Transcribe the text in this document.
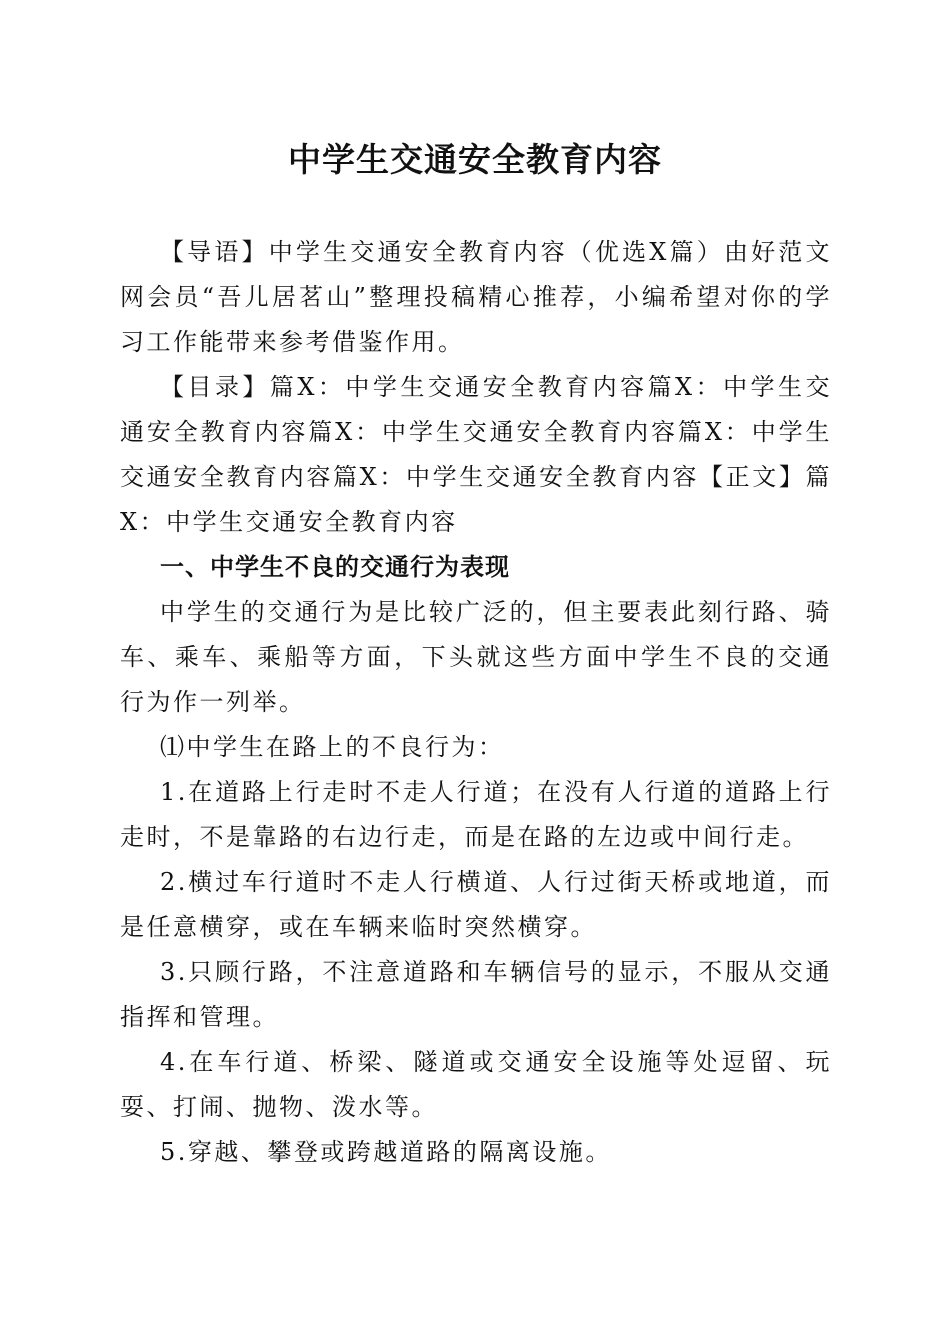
中学生交通安全教育内容

【导语】中学生交通安全教育内容（优选X篇）由好范文网会员“吾儿居茗山”整理投稿精心推荐，小编希望对你的学习工作能带来参考借鉴作用。

【目录】篇X：中学生交通安全教育内容篇X：中学生交通安全教育内容篇X：中学生交通安全教育内容篇X：中学生交通安全教育内容篇X：中学生交通安全教育内容【正文】篇X：中学生交通安全教育内容

一、中学生不良的交通行为表现

中学生的交通行为是比较广泛的，但主要表此刻行路、骑车、乘车、乘船等方面，下头就这些方面中学生不良的交通行为作一列举。

⑴中学生在路上的不良行为：

1.在道路上行走时不走人行道；在没有人行道的道路上行走时，不是靠路的右边行走，而是在路的左边或中间行走。

2.横过车行道时不走人行横道、人行过街天桥或地道，而是任意横穿，或在车辆来临时突然横穿。

3.只顾行路，不注意道路和车辆信号的显示，不服从交通指挥和管理。

4.在车行道、桥梁、隧道或交通安全设施等处逗留、玩耍、打闹、抛物、泼水等。

5.穿越、攀登或跨越道路的隔离设施。
